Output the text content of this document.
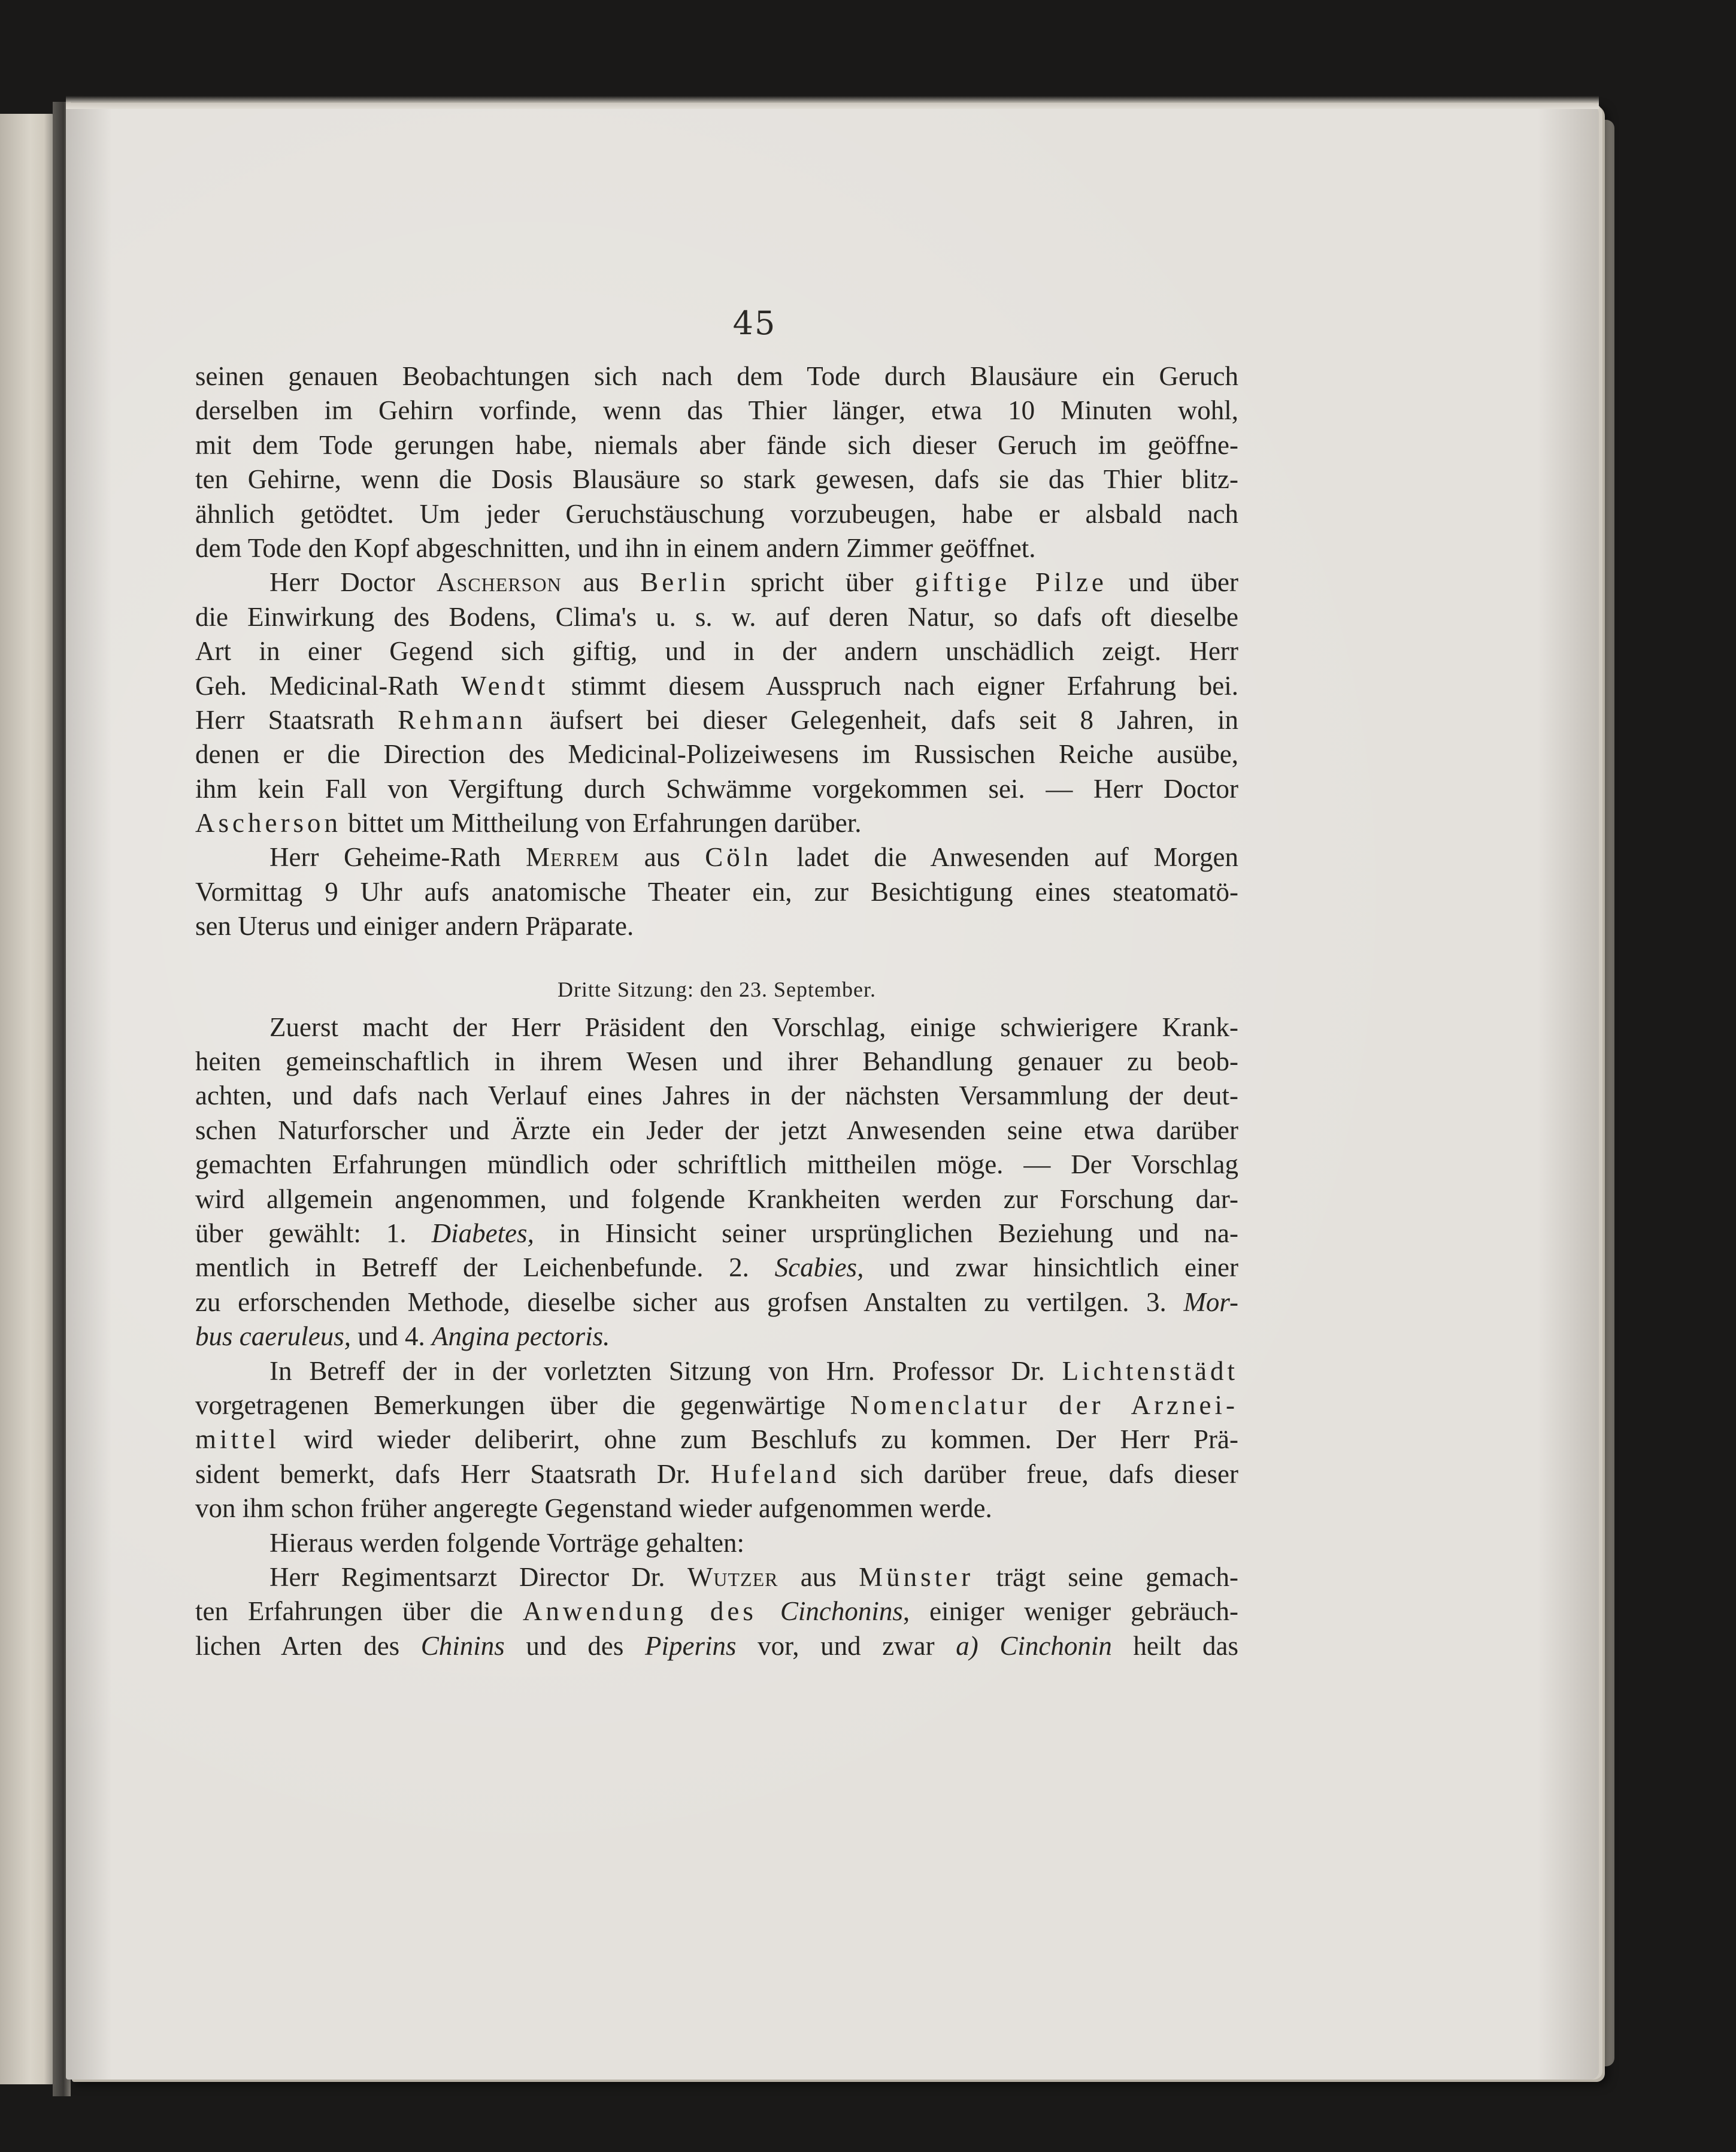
45
seinen genauen Beobachtungen sich nach dem Tode durch Blausäure ein Geruch
derselben im Gehirn vorfinde, wenn das Thier länger, etwa 10 Minuten wohl,
mit dem Tode gerungen habe, niemals aber fände sich dieser Geruch im geöffne-
ten Gehirne, wenn die Dosis Blausäure so stark gewesen, dafs sie das Thier blitz-
ähnlich getödtet. Um jeder Geruchstäuschung vorzubeugen, habe er alsbald nach
dem Tode den Kopf abgeschnitten, und ihn in einem andern Zimmer geöffnet.
Herr Doctor Ascherson aus Berlin spricht über giftige Pilze und über
die Einwirkung des Bodens, Clima's u. s. w. auf deren Natur, so dafs oft dieselbe
Art in einer Gegend sich giftig, und in der andern unschädlich zeigt. Herr
Geh. Medicinal-Rath Wendt stimmt diesem Ausspruch nach eigner Erfahrung bei.
Herr Staatsrath Rehmann äufsert bei dieser Gelegenheit, dafs seit 8 Jahren, in
denen er die Direction des Medicinal-Polizeiwesens im Russischen Reiche ausübe,
ihm kein Fall von Vergiftung durch Schwämme vorgekommen sei. — Herr Doctor
Ascherson bittet um Mittheilung von Erfahrungen darüber.
Herr Geheime-Rath Merrem aus Cöln ladet die Anwesenden auf Morgen
Vormittag 9 Uhr aufs anatomische Theater ein, zur Besichtigung eines steatomatö-
sen Uterus und einiger andern Präparate.
Dritte Sitzung: den 23. September.
Zuerst macht der Herr Präsident den Vorschlag, einige schwierigere Krank-
heiten gemeinschaftlich in ihrem Wesen und ihrer Behandlung genauer zu beob-
achten, und dafs nach Verlauf eines Jahres in der nächsten Versammlung der deut-
schen Naturforscher und Ärzte ein Jeder der jetzt Anwesenden seine etwa darüber
gemachten Erfahrungen mündlich oder schriftlich mittheilen möge. — Der Vorschlag
wird allgemein angenommen, und folgende Krankheiten werden zur Forschung dar-
über gewählt: 1. Diabetes, in Hinsicht seiner ursprünglichen Beziehung und na-
mentlich in Betreff der Leichenbefunde. 2. Scabies, und zwar hinsichtlich einer
zu erforschenden Methode, dieselbe sicher aus grofsen Anstalten zu vertilgen. 3. Mor-
bus caeruleus, und 4. Angina pectoris.
In Betreff der in der vorletzten Sitzung von Hrn. Professor Dr. Lichtenstädt
vorgetragenen Bemerkungen über die gegenwärtige Nomenclatur der Arznei-
mittel wird wieder deliberirt, ohne zum Beschlufs zu kommen. Der Herr Prä-
sident bemerkt, dafs Herr Staatsrath Dr. Hufeland sich darüber freue, dafs dieser
von ihm schon früher angeregte Gegenstand wieder aufgenommen werde.
Hieraus werden folgende Vorträge gehalten:
Herr Regimentsarzt Director Dr. Wutzer aus Münster trägt seine gemach-
ten Erfahrungen über die Anwendung des Cinchonins, einiger weniger gebräuch-
lichen Arten des Chinins und des Piperins vor, und zwar a) Cinchonin heilt das
